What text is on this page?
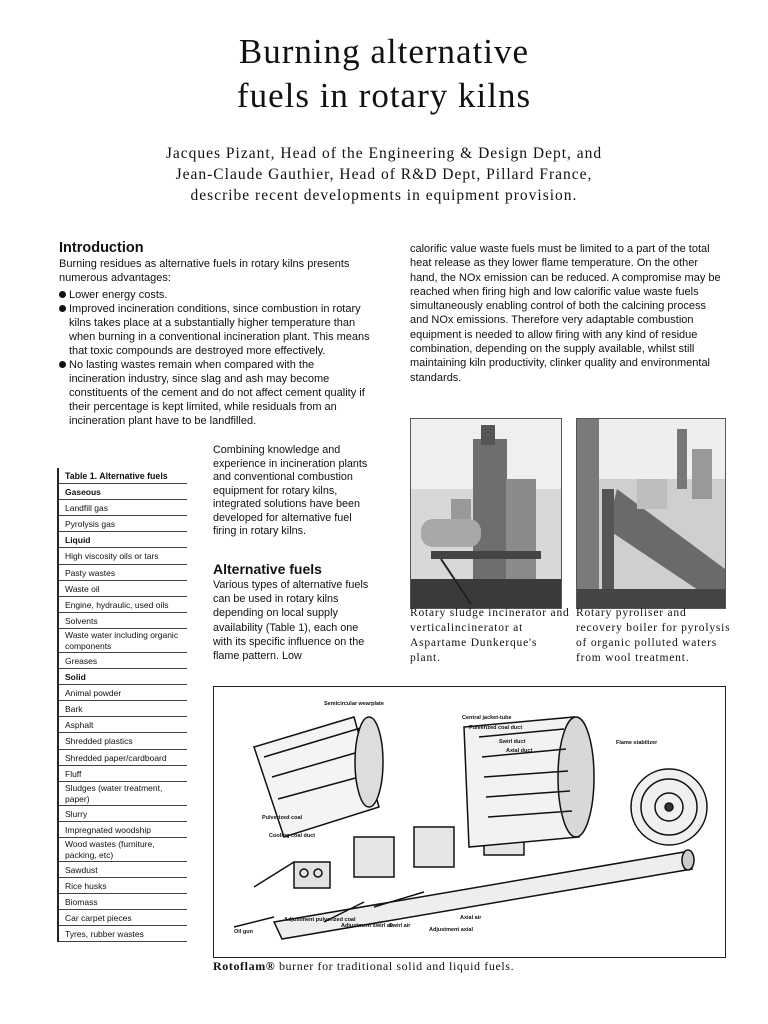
Burning alternative
fuels in rotary kilns
Jacques Pizant, Head of the Engineering & Design Dept, and
Jean-Claude Gauthier, Head of R&D Dept, Pillard France,
describe recent developments in equipment provision.
Introduction

Burning residues as alternative fuels in rotary kilns presents numerous advantages:

Lower energy costs.
Improved incineration conditions, since combustion in rotary kilns takes place at a substantially higher temperature than when burning in a conventional incineration plant. This means that toxic compounds are destroyed more effectively.
No lasting wastes remain when compared with the incineration industry, since slag and ash may become constituents of the cement and do not affect cement quality if their percentage is kept limited, while residuals from an incineration plant have to be landfilled.
Combining knowledge and experience in incineration plants and conventional combustion equipment for rotary kilns, integrated solutions have been developed for alternative fuel firing in rotary kilns.
Alternative fuels
Various types of alternative fuels can be used in rotary kilns depending on local supply availability (Table 1), each one with its specific influence on the flame pattern. Low
calorific value waste fuels must be limited to a part of the total heat release as they lower flame temperature. On the other hand, the NOx emission can be reduced. A compromise may be reached when firing high and low calorific value waste fuels simultaneously enabling control of both the calcining process and NOx emissions. Therefore very adaptable combustion equipment is needed to allow firing with any kind of residue combination, depending on the supply available, whilst still maintaining kiln productivity, clinker quality and environmental standards.
Rotary sludge incinerator and verticalincinerator at Aspartame Dunkerque's plant.
Rotary pyroliser and recovery boiler for pyrolysis of organic polluted waters from wool treatment.
Table 1. Alternative fuels
Gaseous
Landfill gas
Pyrolysis gas
Liquid
High viscosity oils or tars
Pasty wastes
Waste oil
Engine, hydraulic, used oils
Solvents
Waste water including organic components
Greases
Solid
Animal powder
Bark
Asphalt
Shredded plastics
Shredded paper/cardboard
Fluff
Sludges (water treatment, paper)
Slurry
Impregnated woodship
Wood wastes (furniture, packing, etc)
Sawdust
Rice husks
Biomass
Car carpet pieces
Tyres, rubber wastes
Semicircular wearplate
Central jacket-tube
Pulverized coal duct
Swirl duct
Axial duct
Flame stabilizer
Pulverized coal
Cooling coal duct
Oil gun
Adjustment pulverized coal
Adjustment swirl air
Swirl air
Adjustment axial
Axial air
Rotoflam® burner for traditional solid and liquid fuels.
